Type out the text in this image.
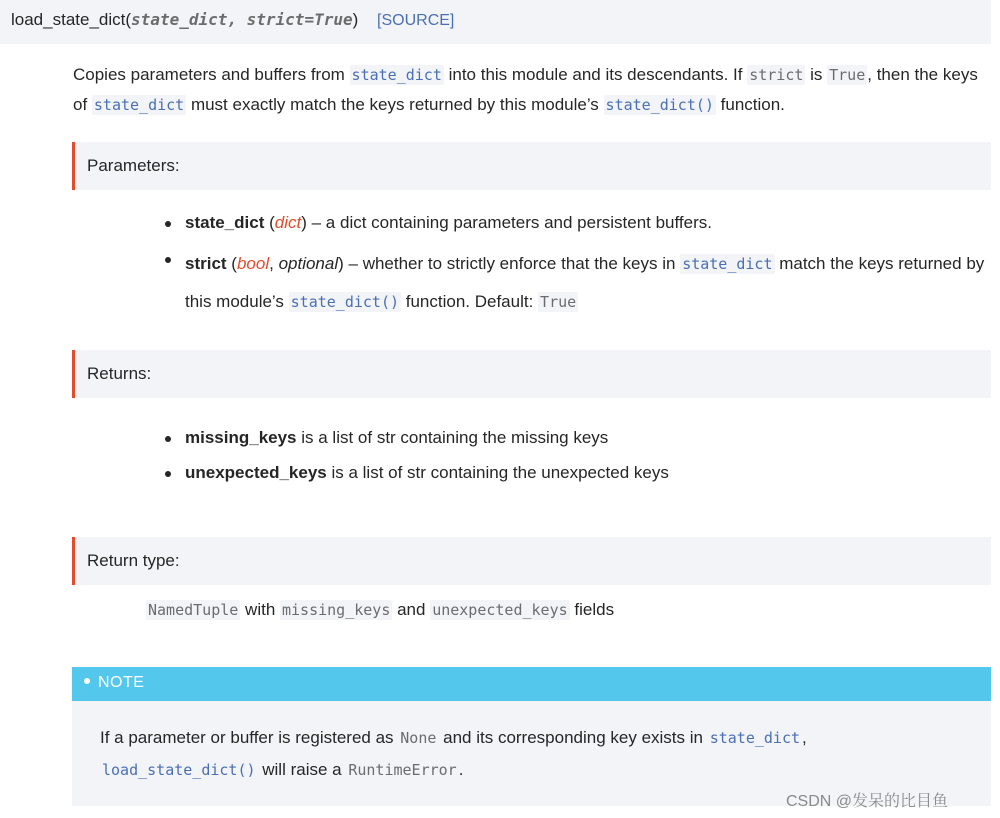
load_state_dict(state_dict, strict=True) [SOURCE]
Copies parameters and buffers from state_dict into this module and its descendants. If strict is True , then the keys of state_dict must exactly match the keys returned by this module’s state_dict() function.
Parameters:
state_dict (dict) – a dict containing parameters and persistent buffers.
strict (bool, optional) – whether to strictly enforce that the keys in state_dict match the keys returned by this module’s state_dict() function. Default: True
Returns:
missing_keys is a list of str containing the missing keys
unexpected_keys is a list of str containing the unexpected keys
Return type:
NamedTuple with missing_keys and unexpected_keys fields
NOTE
If a parameter or buffer is registered as None and its corresponding key exists in state_dict ,
load_state_dict() will raise a RuntimeError .
CSDN @发呆的比目鱼
